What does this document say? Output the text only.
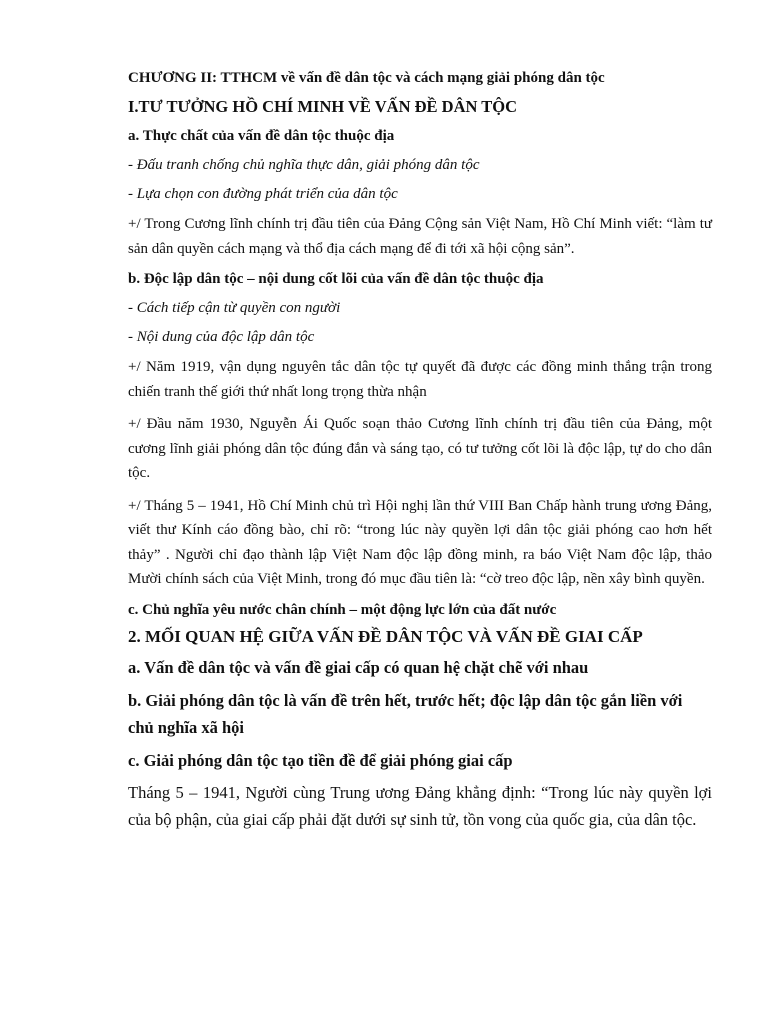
CHƯƠNG II: TTHCM về vấn đề dân tộc và cách mạng giải phóng dân tộc

I.TƯ TƯỞNG HỒ CHÍ MINH VỀ VẤN ĐỀ DÂN TỘC

a. Thực chất của vấn đề dân tộc thuộc địa

- Đấu tranh chống chủ nghĩa thực dân, giải phóng dân tộc

- Lựa chọn con đường phát triển của dân tộc

+/ Trong Cương lĩnh chính trị đầu tiên của Đảng Cộng sản Việt Nam, Hồ Chí Minh viết: “làm tư sản dân quyền cách mạng và thổ địa cách mạng để đi tới xã hội cộng sản”.

b. Độc lập dân tộc – nội dung cốt lõi của vấn đề dân tộc thuộc địa

- Cách tiếp cận từ quyền con người

- Nội dung của độc lập dân tộc

+/ Năm 1919, vận dụng nguyên tắc dân tộc tự quyết đã được các đồng minh thắng trận trong chiến tranh thế giới thứ nhất long trọng thừa nhận

+/ Đầu năm 1930, Nguyễn Ái Quốc soạn thảo Cương lĩnh chính trị đầu tiên của Đảng, một cương lĩnh giải phóng dân tộc đúng đắn và sáng tạo, có tư tưởng cốt lõi là độc lập, tự do cho dân tộc.

+/ Tháng 5 – 1941, Hồ Chí Minh chủ trì Hội nghị lần thứ VIII Ban Chấp hành trung ương Đảng, viết thư Kính cáo đồng bào, chỉ rõ: “trong lúc này quyền lợi dân tộc giải phóng cao hơn hết thảy” . Người chỉ đạo thành lập Việt Nam độc lập đồng minh, ra báo Việt Nam độc lập, thảo Mười chính sách của Việt Minh, trong đó mục đầu tiên là: “cờ treo độc lập, nền xây bình quyền.

c. Chủ nghĩa yêu nước chân chính – một động lực lớn của đất nước

2. MỐI QUAN HỆ GIỮA VẤN ĐỀ DÂN TỘC VÀ VẤN ĐỀ GIAI CẤP

a. Vấn đề dân tộc và vấn đề giai cấp có quan hệ chặt chẽ với nhau

b. Giải phóng dân tộc là vấn đề trên hết, trước hết; độc lập dân tộc gắn liền với chủ nghĩa xã hội

c. Giải phóng dân tộc tạo tiền đề để giải phóng giai cấp

Tháng 5 – 1941, Người cùng Trung ương Đảng khẳng định: “Trong lúc này quyền lợi của bộ phận, của giai cấp phải đặt dưới sự sinh tử, tồn vong của quốc gia, của dân tộc.
